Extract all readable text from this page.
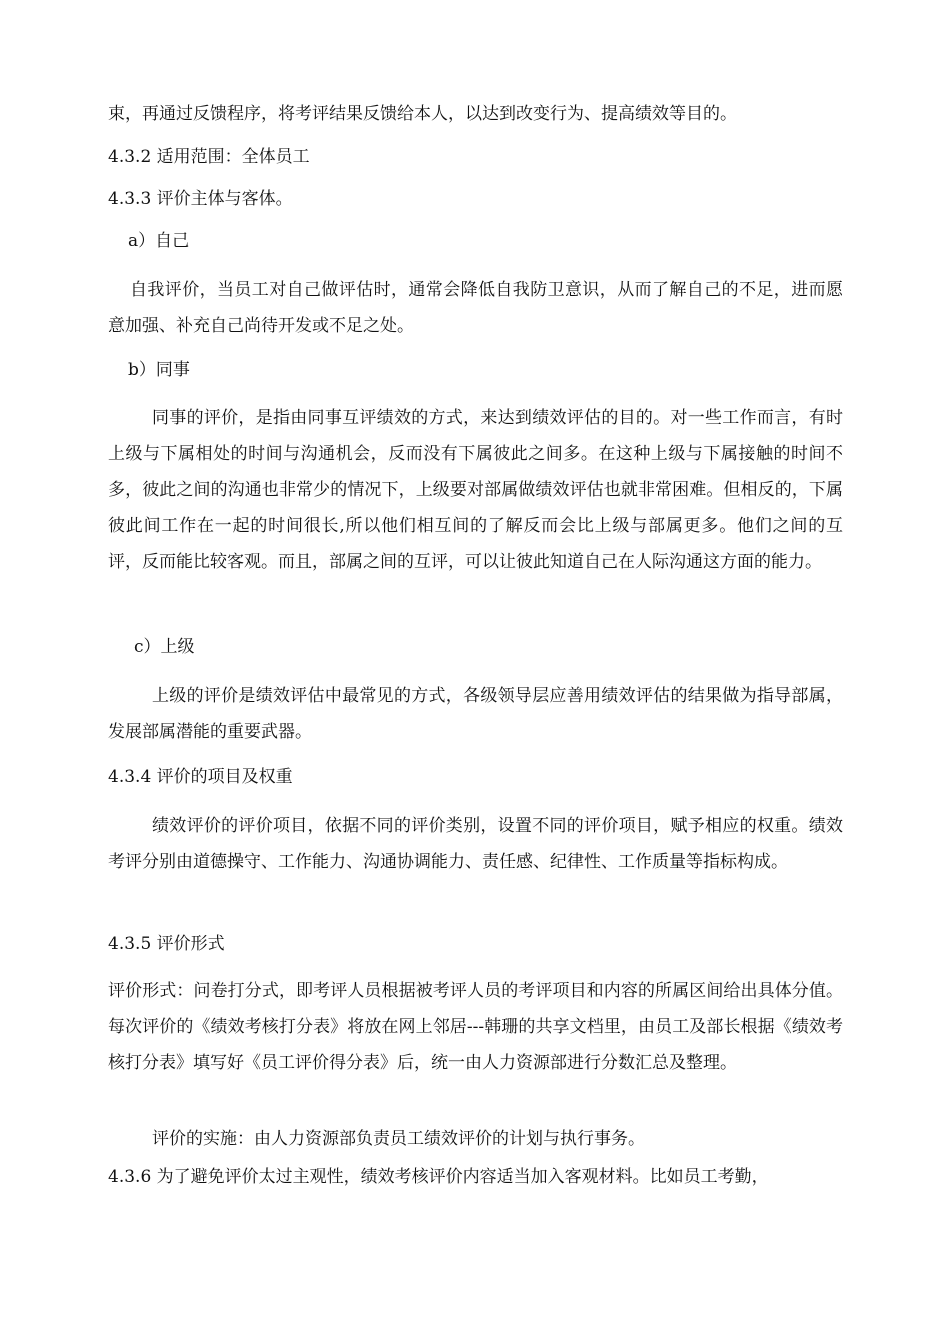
束，再通过反馈程序，将考评结果反馈给本人，以达到改变行为、提高绩效等目的。
4.3.2 适用范围：全体员工
4.3.3 评价主体与客体。
a）自己
自我评价，当员工对自己做评估时，通常会降低自我防卫意识，从而了解自己的不足，进而愿意加强、补充自己尚待开发或不足之处。
b）同事
同事的评价，是指由同事互评绩效的方式，来达到绩效评估的目的。对一些工作而言，有时上级与下属相处的时间与沟通机会，反而没有下属彼此之间多。在这种上级与下属接触的时间不多，彼此之间的沟通也非常少的情况下，上级要对部属做绩效评估也就非常困难。但相反的，下属彼此间工作在一起的时间很长,所以他们相互间的了解反而会比上级与部属更多。他们之间的互评，反而能比较客观。而且，部属之间的互评，可以让彼此知道自己在人际沟通这方面的能力。
c）上级
上级的评价是绩效评估中最常见的方式，各级领导层应善用绩效评估的结果做为指导部属，发展部属潜能的重要武器。
4.3.4 评价的项目及权重
绩效评价的评价项目，依据不同的评价类别，设置不同的评价项目，赋予相应的权重。绩效考评分别由道德操守、工作能力、沟通协调能力、责任感、纪律性、工作质量等指标构成。
4.3.5 评价形式
评价形式：问卷打分式，即考评人员根据被考评人员的考评项目和内容的所属区间给出具体分值。每次评价的《绩效考核打分表》将放在网上邻居---韩珊的共享文档里，由员工及部长根据《绩效考核打分表》填写好《员工评价得分表》后，统一由人力资源部进行分数汇总及整理。
评价的实施：由人力资源部负责员工绩效评价的计划与执行事务。
4.3.6 为了避免评价太过主观性，绩效考核评价内容适当加入客观材料。比如员工考勤，
